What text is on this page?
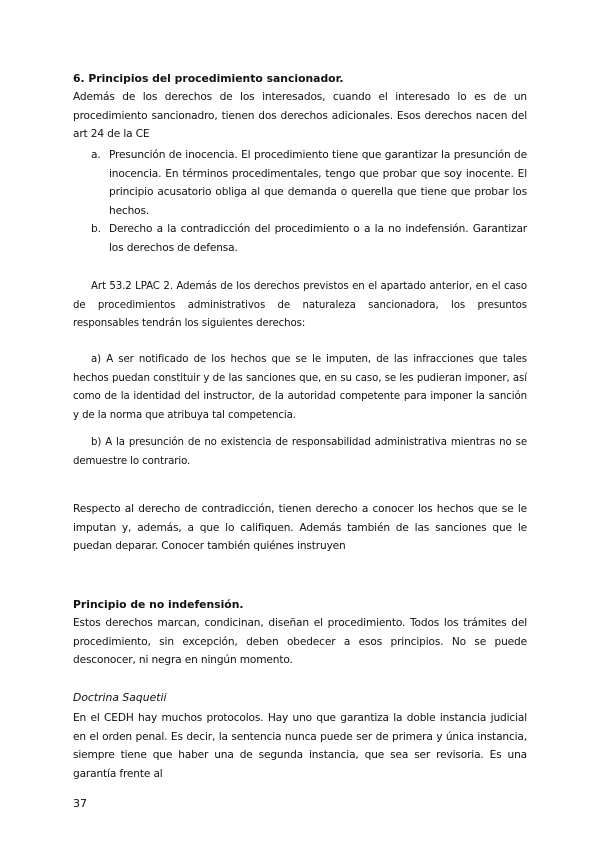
6. Principios del procedimiento sancionador.

Además de los derechos de los interesados, cuando el interesado lo es de un procedimiento sancionadro, tienen dos derechos adicionales. Esos derechos nacen del art 24 de la CE

a. Presunción de inocencia. El procedimiento tiene que garantizar la presunción de inocencia. En términos procedimentales, tengo que probar que soy inocente. El principio acusatorio obliga al que demanda o querella que tiene que probar los hechos.
b. Derecho a la contradicción del procedimiento o a la no indefensión. Garantizar los derechos de defensa.

Art 53.2 LPAC 2. Además de los derechos previstos en el apartado anterior, en el caso de procedimientos administrativos de naturaleza sancionadora, los presuntos responsables tendrán los siguientes derechos:

a) A ser notificado de los hechos que se le imputen, de las infracciones que tales hechos puedan constituir y de las sanciones que, en su caso, se les pudieran imponer, así como de la identidad del instructor, de la autoridad competente para imponer la sanción y de la norma que atribuya tal competencia.

b) A la presunción de no existencia de responsabilidad administrativa mientras no se demuestre lo contrario.

Respecto al derecho de contradicción, tienen derecho a conocer los hechos que se le imputan y, además, a que lo califiquen. Además también de las sanciones que le puedan deparar. Conocer también quiénes instruyen

Principio de no indefensión.

Estos derechos marcan, condicinan, diseñan el procedimiento. Todos los trámites del procedimiento, sin excepción, deben obedecer a esos principios. No se puede desconocer, ni negra en ningún momento.

Doctrina Saquetii

En el CEDH hay muchos protocolos. Hay uno que garantiza la doble instancia judicial en el orden penal. Es decir, la sentencia nunca puede ser de primera y única instancia, siempre tiene que haber una de segunda instancia, que sea ser revisoria. Es una garantía frente al

37
